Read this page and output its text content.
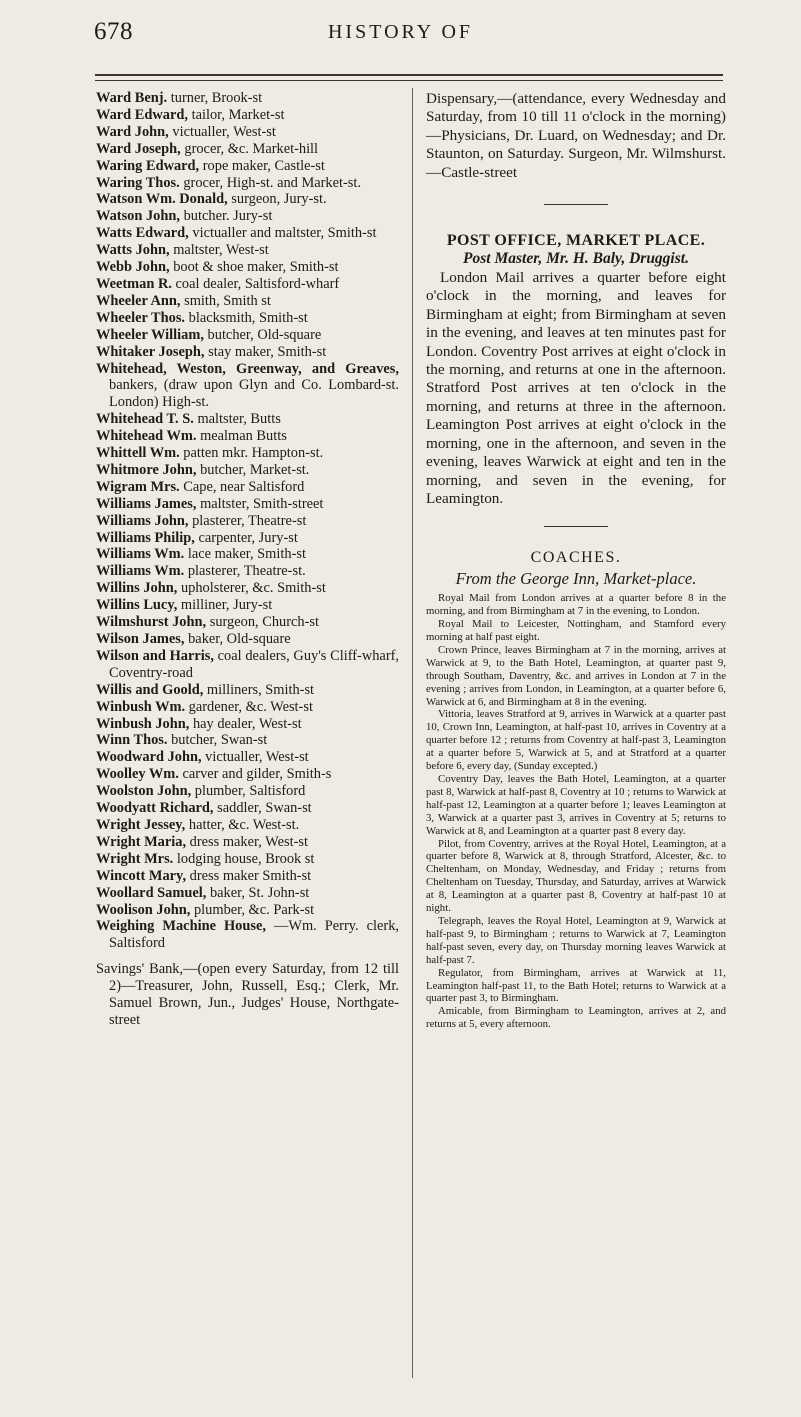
678	HISTORY OF
Ward Benj. turner, Brook-st
Ward Edward, tailor, Market-st
Ward John, victualler, West-st
Ward Joseph, grocer, &c. Market-hill
Waring Edward, rope maker, Castle-st
Waring Thos. grocer, High-st. and Market-st.
Watson Wm. Donald, surgeon, Jury-st.
Watson John, butcher. Jury-st
Watts Edward, victualler and maltster, Smith-st
Watts John, maltster, West-st
Webb John, boot & shoe maker, Smith-st
Weetman R. coal dealer, Saltisford-wharf
Wheeler Ann, smith, Smith st
Wheeler Thos. blacksmith, Smith-st
Wheeler William, butcher, Old-square
Whitaker Joseph, stay maker, Smith-st
Whitehead, Weston, Greenway, and Greaves, bankers, (draw upon Glyn and Co. Lombard-st. London) High-st.
Whitehead T. S. maltster, Butts
Whitehead Wm. mealman Butts
Whittell Wm. patten mkr. Hampton-st.
Whitmore John, butcher, Market-st.
Wigram Mrs. Cape, near Saltisford
Williams James, maltster, Smith-street
Williams John, plasterer, Theatre-st
Williams Philip, carpenter, Jury-st
Williams Wm. lace maker, Smith-st
Williams Wm. plasterer, Theatre-st.
Willins John, upholsterer, &c. Smith-st
Willins Lucy, milliner, Jury-st
Wilmshurst John, surgeon, Church-st
Wilson James, baker, Old-square
Wilson and Harris, coal dealers, Guy's Cliff-wharf, Coventry-road
Willis and Goold, milliners, Smith-st
Winbush Wm. gardener, &c. West-st
Winbush John, hay dealer, West-st
Winn Thos. butcher, Swan-st
Woodward John, victualler, West-st
Woolley Wm. carver and gilder, Smith-s
Woolston John, plumber, Saltisford
Woodyatt Richard, saddler, Swan-st
Wright Jessey, hatter, &c. West-st.
Wright Maria, dress maker, West-st
Wright Mrs. lodging house, Brook st
Wincott Mary, dress maker Smith-st
Woollard Samuel, baker, St. John-st
Woolison John, plumber, &c. Park-st
Weighing Machine House, —Wm. Perry. clerk, Saltisford
Savings' Bank,—(open every Saturday, from 12 till 2)—Treasurer, John, Russell, Esq.; Clerk, Mr. Samuel Brown, Jun., Judges' House, Northgate-street
Dispensary,—(attendance, every Wednesday and Saturday, from 10 till 11 o'clock in the morning)—Physicians, Dr. Luard, on Wednesday; and Dr. Staunton, on Saturday. Surgeon, Mr. Wilmshurst.—Castle-street
POST OFFICE, MARKET PLACE.
Post Master, Mr. H. Baly, Druggist.
London Mail arrives a quarter before eight o'clock in the morning, and leaves for Birmingham at eight; from Birmingham at seven in the evening, and leaves at ten minutes past for London. Coventry Post arrives at eight o'clock in the morning, and returns at one in the afternoon. Stratford Post arrives at ten o'clock in the morning, and returns at three in the afternoon. Leamington Post arrives at eight o'clock in the morning, one in the afternoon, and seven in the evening, leaves Warwick at eight and ten in the morning, and seven in the evening, for Leamington.
COACHES.
From the George Inn, Market-place.
Royal Mail from London arrives at a quarter before 8 in the morning, and from Birmingham at 7 in the evening, to London.
Royal Mail to Leicester, Nottingham, and Stamford every morning at half past eight.
Crown Prince, leaves Birmingham at 7 in the morning, arrives at Warwick at 9, to the Bath Hotel, Leamington, at quarter past 9, through Southam, Daventry, &c. and arrives in London at 7 in the evening ; arrives from London, in Leamington, at a quarter before 6, Warwick at 6, and Birmingham at 8 in the evening.
Vittoria, leaves Stratford at 9, arrives in Warwick at a quarter past 10, Crown Inn, Leamington, at half-past 10, arrives in Coventry at a quarter before 12 ; returns from Coventry at half-past 3, Leamington at a quarter before 5, Warwick at 5, and at Stratford at a quarter before 6, every day, (Sunday excepted.)
Coventry Day, leaves the Bath Hotel, Leamington, at a quarter past 8, Warwick at half-past 8, Coventry at 10 ; returns to Warwick at half-past 12, Leamington at a quarter before 1; leaves Leamington at 3, Warwick at a quarter past 3, arrives in Coventry at 5; returns to Warwick at 8, and Leamington at a quarter past 8 every day.
Pilot, from Coventry, arrives at the Royal Hotel, Leamington, at a quarter before 8, Warwick at 8, through Stratford, Alcester, &c. to Cheltenham, on Monday, Wednesday, and Friday ; returns from Cheltenham on Tuesday, Thursday, and Saturday, arrives at Warwick at 8, Leamington at a quarter past 8, Coventry at half-past 10 at night.
Telegraph, leaves the Royal Hotel, Leamington at 9, Warwick at half-past 9, to Birmingham ; returns to Warwick at 7, Leamington half-past seven, every day, on Thursday morning leaves Warwick at half-past 7.
Regulator, from Birmingham, arrives at Warwick at 11, Leamington half-past 11, to the Bath Hotel; returns to Warwick at a quarter past 3, to Birmingham.
Amicable, from Birmingham to Leamington, arrives at 2, and returns at 5, every afternoon.
